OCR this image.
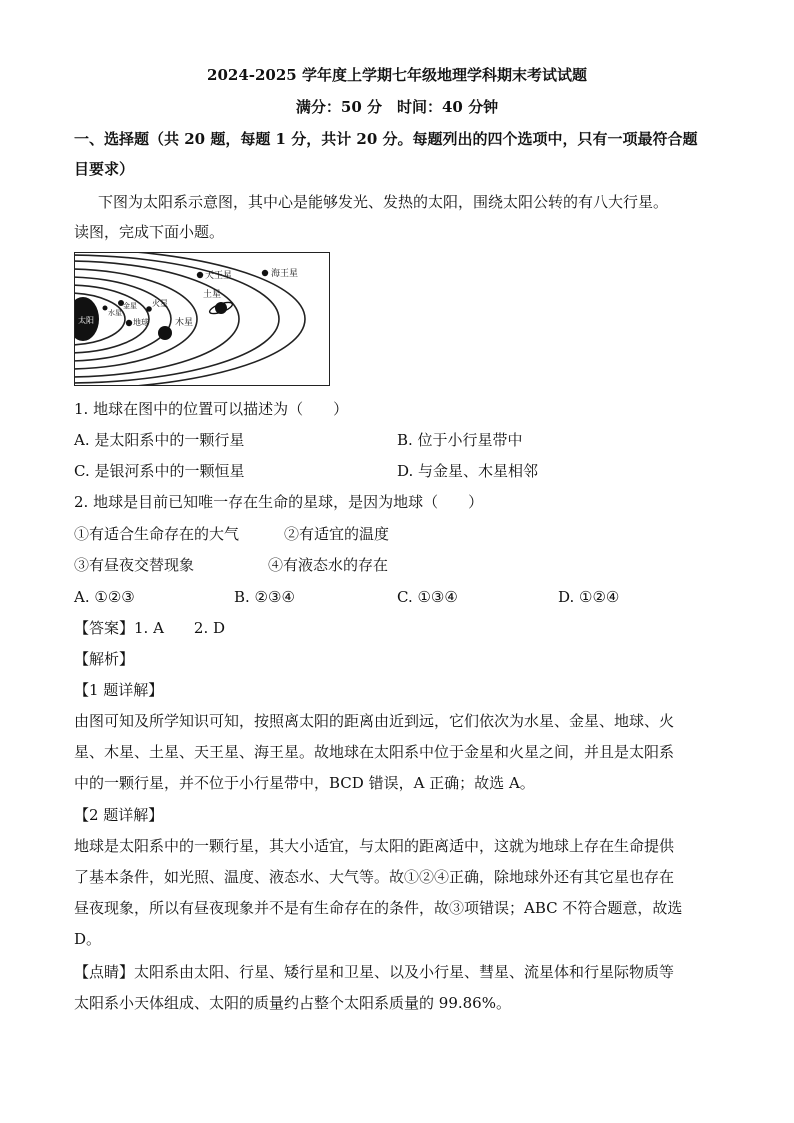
2024-2025 学年度上学期七年级地理学科期末考试试题
满分：50 分　时间：40 分钟
一、选择题（共 20 题，每题 1 分，共计 20 分。每题列出的四个选项中，只有一项最符合题
目要求）
下图为太阳系示意图，其中心是能够发光、发热的太阳，围绕太阳公转的有八大行星。
读图，完成下面小题。
太阳
天王星	海王星
土星
水星
金星 火星
地球	木星
1. 地球在图中的位置可以描述为（　　）
A. 是太阳系中的一颗行星	B. 位于小行星带中
C. 是银河系中的一颗恒星	D. 与金星、木星相邻
2. 地球是目前已知唯一存在生命的星球，是因为地球（　　）
①有适合生命存在的大气	②有适宜的温度
③有昼夜交替现象	④有液态水的存在
A. ①②③	B. ②③④	C. ①③④	D. ①②④
【答案】1. A　　2. D
【解析】
【1 题详解】
由图可知及所学知识可知，按照离太阳的距离由近到远，它们依次为水星、金星、地球、火
星、木星、土星、天王星、海王星。故地球在太阳系中位于金星和火星之间，并且是太阳系
中的一颗行星，并不位于小行星带中，BCD 错误，A 正确；故选 A。
【2 题详解】
地球是太阳系中的一颗行星，其大小适宜，与太阳的距离适中，这就为地球上存在生命提供
了基本条件，如光照、温度、液态水、大气等。故①②④正确，除地球外还有其它星也存在
昼夜现象，所以有昼夜现象并不是有生命存在的条件，故③项错误；ABC 不符合题意，故选
D。
【点睛】太阳系由太阳、行星、矮行星和卫星、以及小行星、彗星、流星体和行星际物质等
太阳系小天体组成、太阳的质量约占整个太阳系质量的 99.86%。
